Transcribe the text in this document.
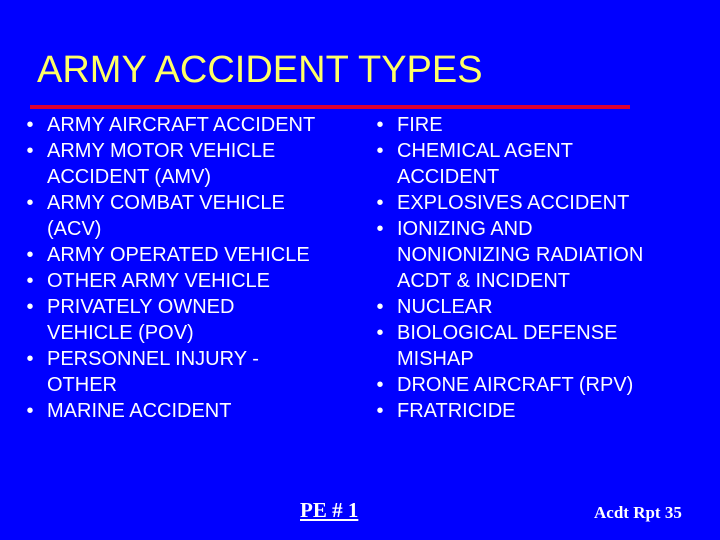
ARMY ACCIDENT TYPES
• ARMY AIRCRAFT ACCIDENT
• ARMY MOTOR VEHICLE
ACCIDENT (AMV)
• ARMY COMBAT VEHICLE
(ACV)
• ARMY OPERATED VEHICLE
• OTHER ARMY VEHICLE
• PRIVATELY OWNED
VEHICLE (POV)
• PERSONNEL INJURY -
OTHER
• MARINE ACCIDENT
• FIRE
• CHEMICAL AGENT
ACCIDENT
• EXPLOSIVES ACCIDENT
• IONIZING AND
NONIONIZING RADIATION
ACDT & INCIDENT
• NUCLEAR
• BIOLOGICAL DEFENSE
MISHAP
• DRONE AIRCRAFT (RPV)
• FRATRICIDE
PE # 1	Acdt Rpt 35
